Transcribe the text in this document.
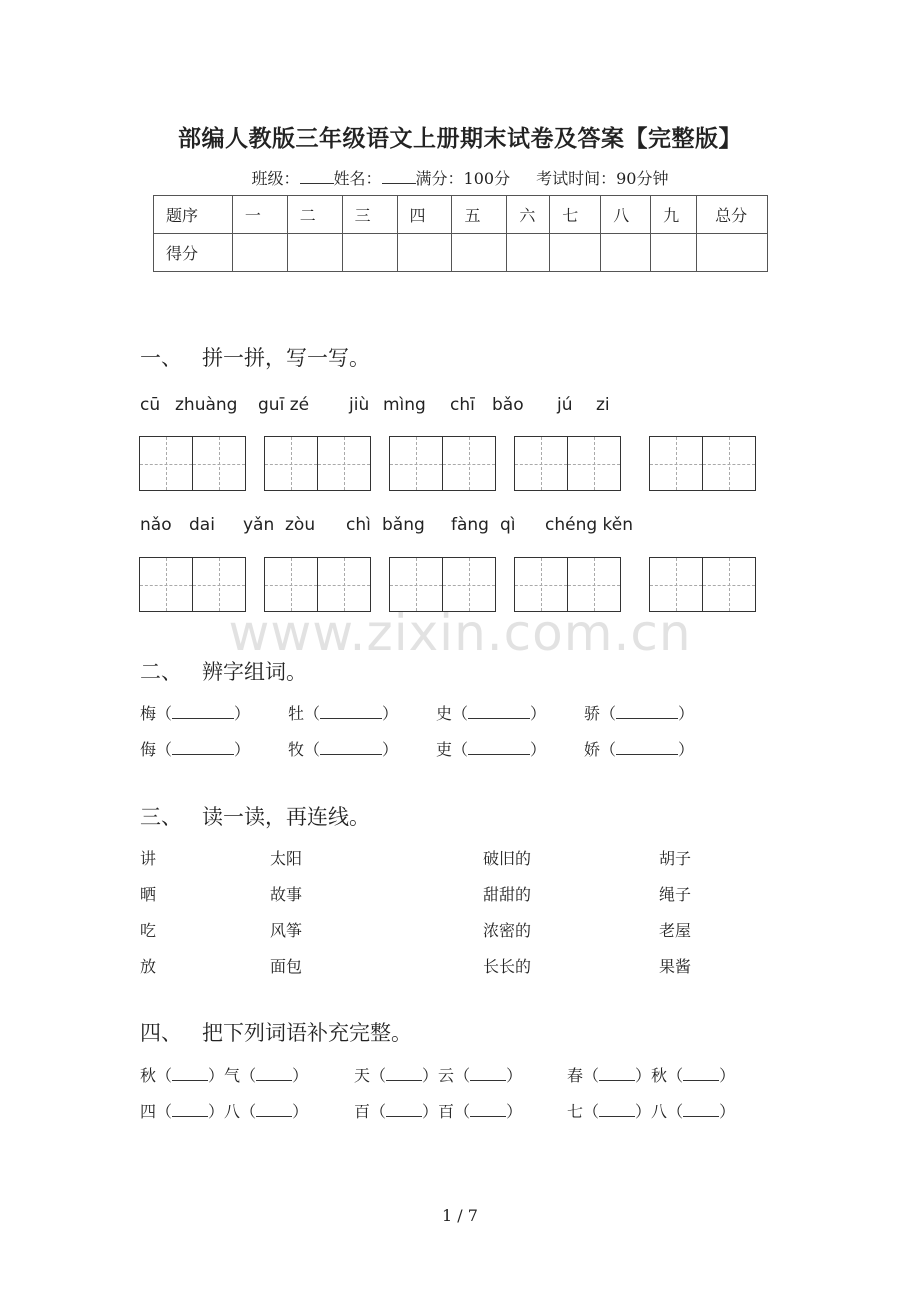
部编人教版三年级语文上册期末试卷及答案【完整版】
班级： 姓名： 满分：100分 考试时间：90分钟
题序	一	二	三	四	五	六	七	八	九	总分
得分										
一、 拼一拼，写一写。
cū zhuàng guī zé jiù mìng chī bǎo jú zi
nǎo dai yǎn zòu chì bǎng fàng qì chéng kěn
www.zixin.com.cn
二、 辨字组词。
梅（	） 牡（	） 史（	） 骄（	）
侮（	） 牧（	） 吏（	） 娇（	）
三、 读一读，再连线。
讲	太阳	破旧的	胡子
晒	故事	甜甜的	绳子
吃	风筝	浓密的	老屋
放	面包	长长的	果酱
四、 把下列词语补充完整。
秋（ ）气（ ）	天（ ）云（ ）	春（ ）秋（ ）
四（ ）八（ ）	百（ ）百（ ）	七（ ）八（ ）
1 / 7
